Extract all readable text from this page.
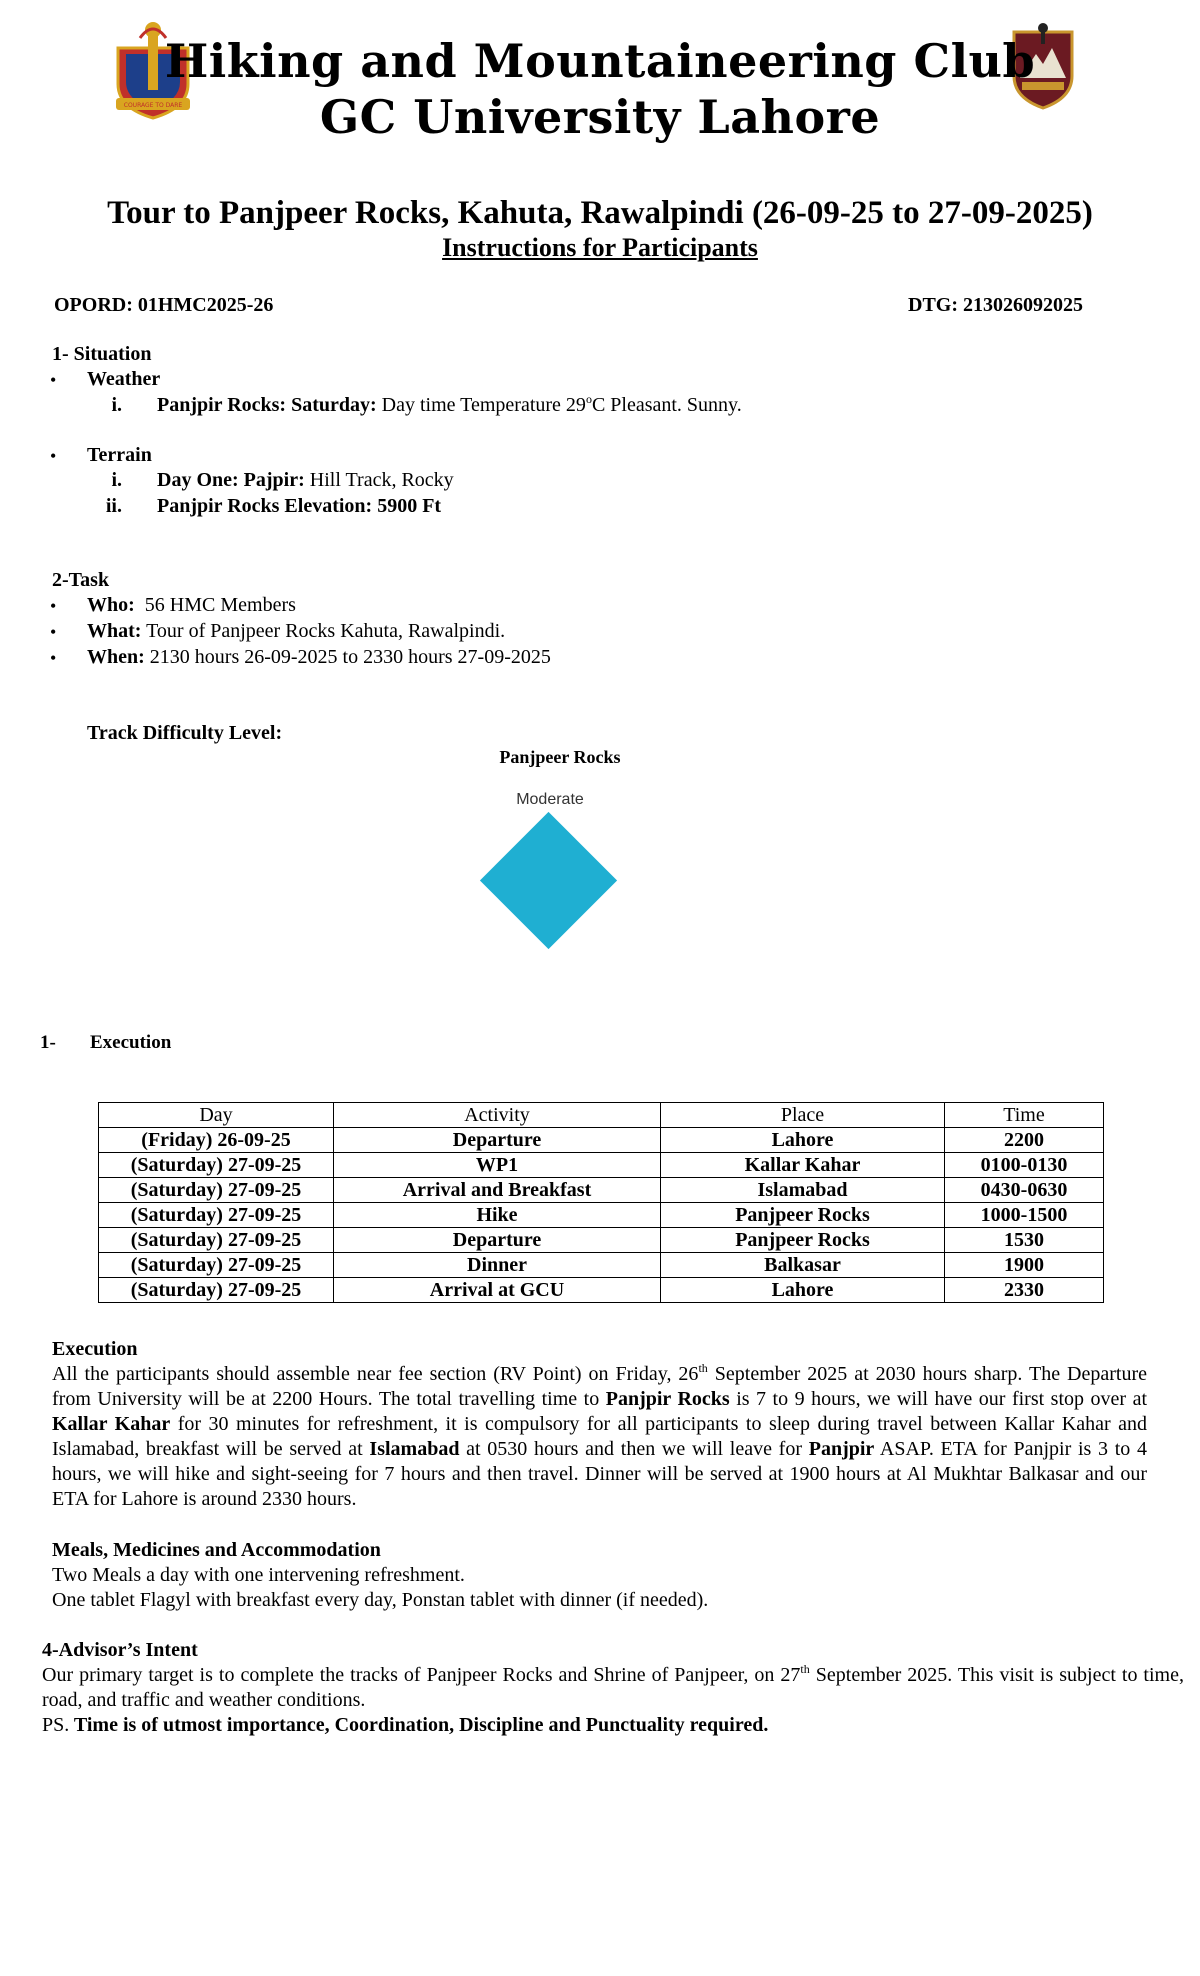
COURAGE TO DARE
Hiking and Mountaineering Club
GC University Lahore
Tour to Panjpeer Rocks, Kahuta, Rawalpindi (26-09-25 to 27-09-2025)
Instructions for Participants
OPORD: 01HMC2025-26	DTG: 213026092025
1- Situation
• Weather
i. Panjpir Rocks: Saturday: Day time Temperature 29$^o$C Pleasant. Sunny.
• Terrain
i. Day One: Pajpir: Hill Track, Rocky
ii. Panjpir Rocks Elevation: 5900 Ft
2-Task
• Who:  56 HMC Members
• What: Tour of Panjpeer Rocks Kahuta, Rawalpindi.
• When: 2130 hours 26-09-2025 to 2330 hours 27-09-2025
Track Difficulty Level:
Panjpeer Rocks
Moderate
1- Execution
Day	Activity	Place	Time
(Friday) 26-09-25	Departure	Lahore	2200
(Saturday) 27-09-25	WP1	Kallar Kahar	0100-0130
(Saturday) 27-09-25	Arrival and Breakfast	Islamabad	0430-0630
(Saturday) 27-09-25	Hike	Panjpeer Rocks	1000-1500
(Saturday) 27-09-25	Departure	Panjpeer Rocks	1530
(Saturday) 27-09-25	Dinner	Balkasar	1900
(Saturday) 27-09-25	Arrival at GCU	Lahore	2330
Execution
All the participants should assemble near fee section (RV Point) on Friday, 26th September 2025 at 2030 hours sharp. The Departure from University will be at 2200 Hours. The total travelling time to Panjpir Rocks is 7 to 9 hours, we will have our first stop over at Kallar Kahar for 30 minutes for refreshment, it is compulsory for all participants to sleep during travel between Kallar Kahar and Islamabad, breakfast will be served at Islamabad at 0530 hours and then we will leave for Panjpir ASAP. ETA for Panjpir is 3 to 4 hours, we will hike and sight-seeing for 7 hours and then travel. Dinner will be served at 1900 hours at Al Mukhtar Balkasar and our ETA for Lahore is around 2330 hours.
Meals, Medicines and Accommodation
Two Meals a day with one intervening refreshment.
One tablet Flagyl with breakfast every day, Ponstan tablet with dinner (if needed).
4-Advisor’s Intent
Our primary target is to complete the tracks of Panjpeer Rocks and Shrine of Panjpeer, on 27th September 2025. This visit is subject to time, road, and traffic and weather conditions.
PS. Time is of utmost importance, Coordination, Discipline and Punctuality required.
